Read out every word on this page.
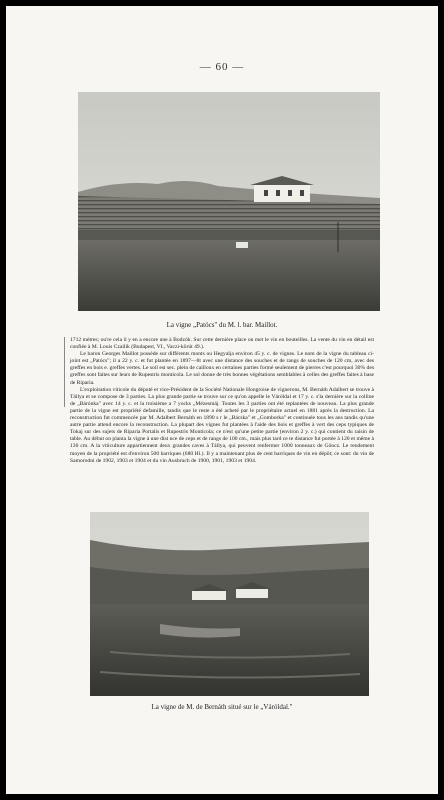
— 60 —
La vigne „Patócs" du M. l. bar. Maillot.

1712 mètres; ou're cela il y en a encore une à Bodzók. Sur cette dernière place on met le vin en bouteilles. La vente du vin en détail est confiée à M. Louis Czailik (Budapest, VI., Vaczi-körút 49.).

Le baron Georges Maillot possède sur différents monts ou Hegyalja environ 45 y. c. de vignes. Le nom de la vigne du tableau ci-joint est „Patócs"; il a 22 y. c. et fut plantée en 1897—8t avec une distance des souches et de rangs de souches de 120 cm, avec des greffes en bois e. greffes vertes. Le soil est sec. plein de cailloux en certaines parties formé seulement de pierres c'est pourquoi 30% des greffes sont faites sur leurs de Rupestris monticola. Le sol donne de très bonnes végétations semblables à celles des greffes faites à base de Riparia.

L'exploitation viticole du député et vice-Président de la Société Nationale Hongroise de vignerons, M. Bernáth Adalbert se trouve à Tállya et se compose de 3 parties. La plus grande partie se trouve sur ce qu'on appelle le Váróldal et 17 y. c. s'la dernière sur la colline de „Bárónka" avec 14 y. c. et la troisième a 7 yocks „Mézesmáj. Toutes les 3 parties ont été replantées de nouveau. La plus grande partie de la vigne est propriété defamille, tandis que le reste a été acheté par le propriétaire actuel en 1881 après la destruction. La reconstruction fut commencée par M. Adalbert Bernáth en 1890 s r le „Bácska" et „Gomborka" et continuée tous les ans tandis qu'une autre partie attend encore la reconstruction. La plupart des vignes fut plantées à l'aide des bois et greffes à vert des ceps typiques de Tokaj sur des sujets de Riparia Portalis et Rupestris Monticola; ce n'est qu'une petite partie (environ 2 y. c.) qui contient du raisin de table. Au début on planta la vigne à une dist nce de ceps et de rangs de 100 cm., mais plus tard ce te distance fut portée à 120 et même à 130 cm. A la viticulture appartiennent deux grandes caves à Tállya, qui peuvent renfermer 1000 tonneaux de Göncz. Le rendement moyen de la propriété est d'environ 500 barriques (680 Hl.). Il y a maintenant plus de cent barriques de vin en dépôt; ce sont: du vin de Samorodni de 1902, 1903 et 1904 et du vin Ausbruch de 1900, 1901, 1903 et 1904.

La vigne de M. de Bernáth situé sur le „Váróldal."
